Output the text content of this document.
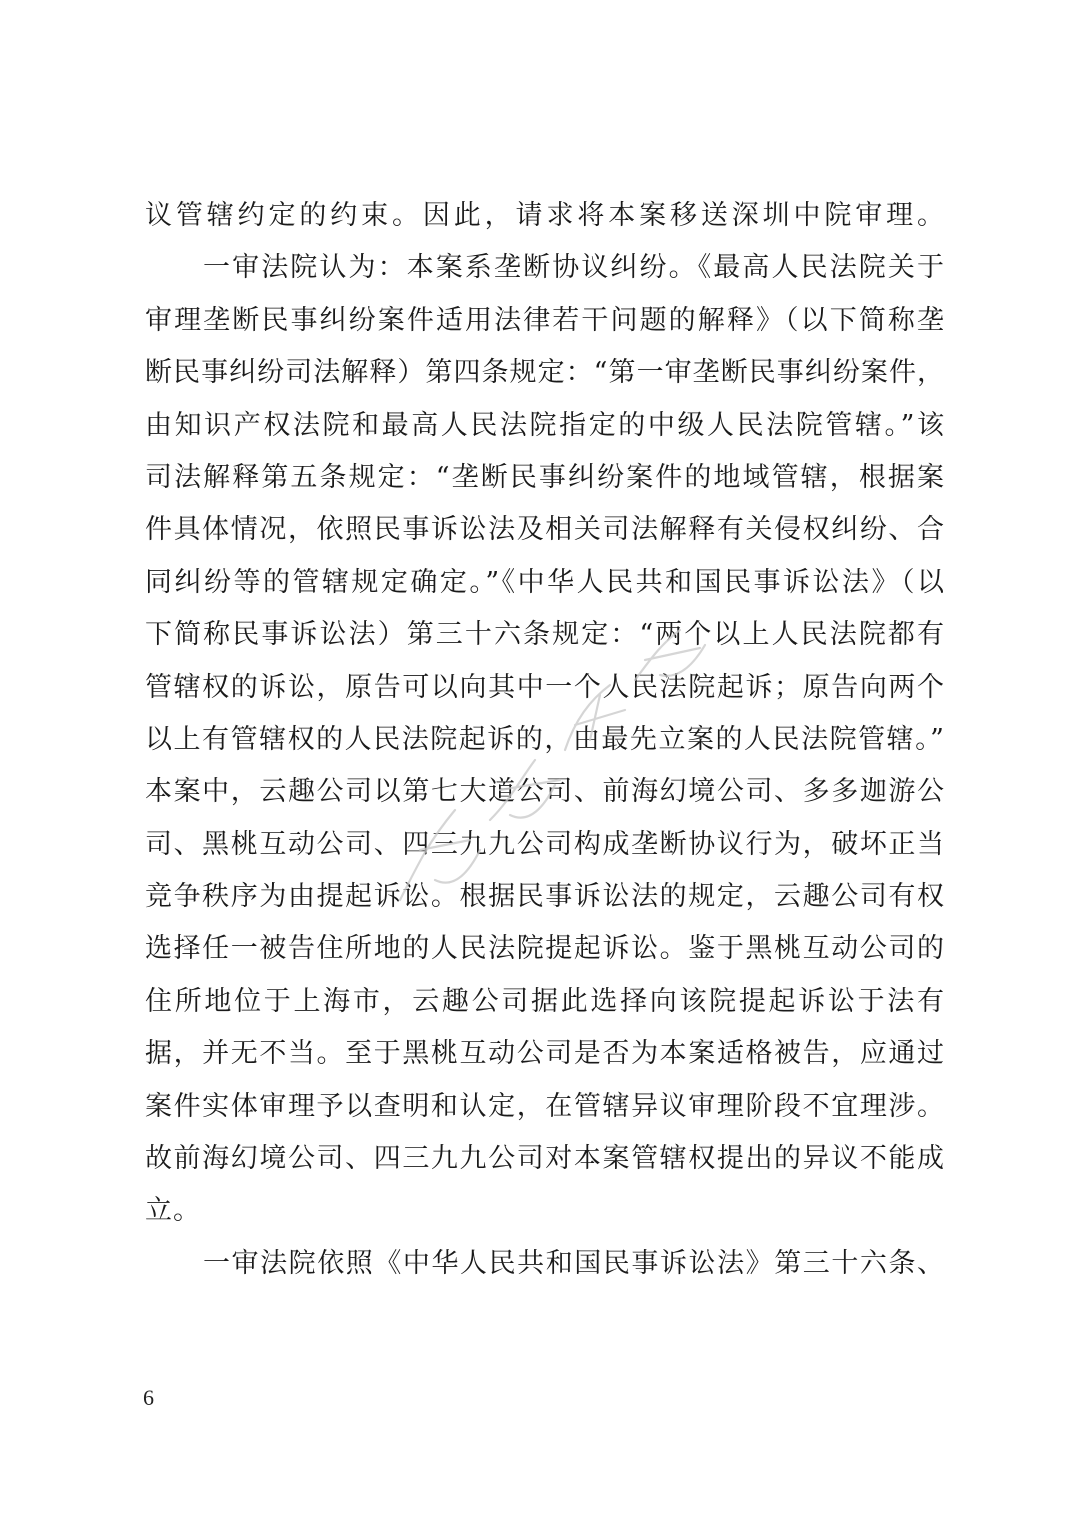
议管辖约定的约束。因此，请求将本案移送深圳中院审理。
一审法院认为：本案系垄断协议纠纷。《最高人民法院关于
审理垄断民事纠纷案件适用法律若干问题的解释》（以下简称垄
断民事纠纷司法解释）第四条规定：“第一审垄断民事纠纷案件，
由知识产权法院和最高人民法院指定的中级人民法院管辖。”该
司法解释第五条规定：“垄断民事纠纷案件的地域管辖，根据案
件具体情况，依照民事诉讼法及相关司法解释有关侵权纠纷、合
同纠纷等的管辖规定确定。”《中华人民共和国民事诉讼法》（以
下简称民事诉讼法）第三十六条规定：“两个以上人民法院都有
管辖权的诉讼，原告可以向其中一个人民法院起诉；原告向两个
以上有管辖权的人民法院起诉的，由最先立案的人民法院管辖。”
本案中，云趣公司以第七大道公司、前海幻境公司、多多迦游公
司、黑桃互动公司、四三九九公司构成垄断协议行为，破坏正当
竞争秩序为由提起诉讼。根据民事诉讼法的规定，云趣公司有权
选择任一被告住所地的人民法院提起诉讼。鉴于黑桃互动公司的
住所地位于上海市，云趣公司据此选择向该院提起诉讼于法有
据，并无不当。至于黑桃互动公司是否为本案适格被告，应通过
案件实体审理予以查明和认定，在管辖异议审理阶段不宜理涉。
故前海幻境公司、四三九九公司对本案管辖权提出的异议不能成
立。
一审法院依照《中华人民共和国民事诉讼法》第三十六条、
6
